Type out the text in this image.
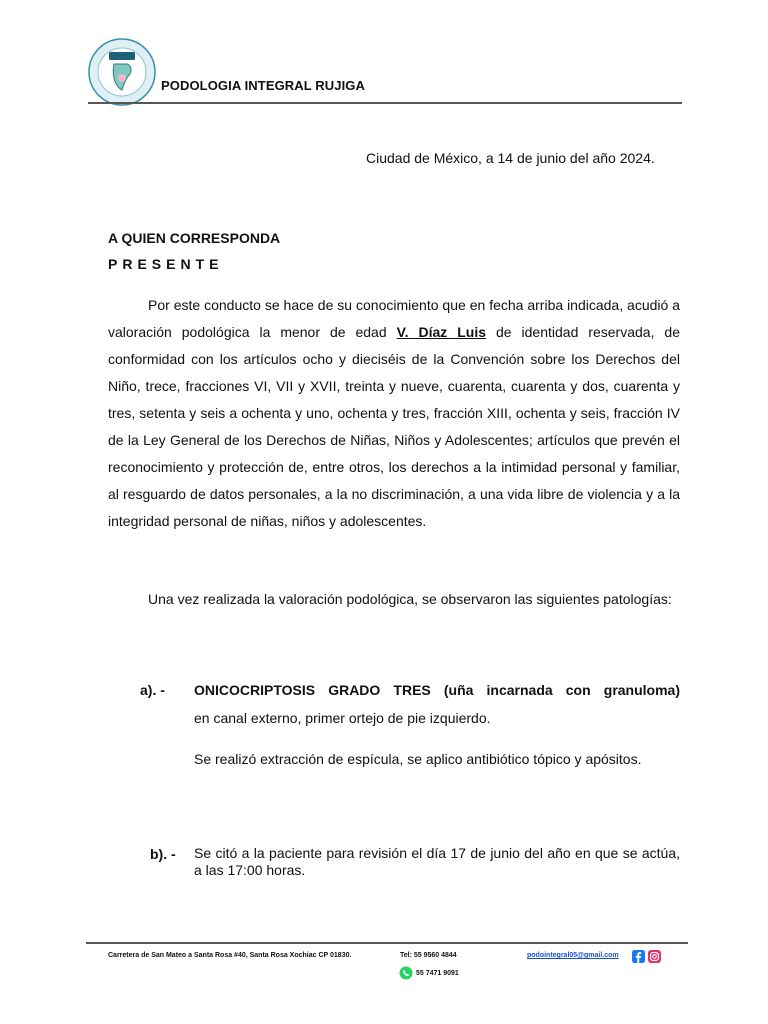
PODOLOGIA INTEGRAL RUJIGA
Ciudad de México, a 14 de junio del año 2024.
A QUIEN CORRESPONDA
PRESENTE

Por este conducto se hace de su conocimiento que en fecha arriba indicada, acudió a valoración podológica la menor de edad V. Díaz Luis de identidad reservada, de conformidad con los artículos ocho y dieciséis de la Convención sobre los Derechos del Niño, trece, fracciones VI, VII y XVII, treinta y nueve, cuarenta, cuarenta y dos, cuarenta y tres, setenta y seis a ochenta y uno, ochenta y tres, fracción XIII, ochenta y seis, fracción IV de la Ley General de los Derechos de Niñas, Niños y Adolescentes; artículos que prevén el reconocimiento y protección de, entre otros, los derechos a la intimidad personal y familiar, al resguardo de datos personales, a la no discriminación, a una vida libre de violencia y a la integridad personal de niñas, niños y adolescentes.

Una vez realizada la valoración podológica, se observaron las siguientes patologías:

a). - ONICOCRIPTOSIS GRADO TRES (uña incarnada con granuloma)

en canal externo, primer ortejo de pie izquierdo.

Se realizó extracción de espícula, se aplico antibiótico tópico y apósitos.

b). - Se citó a la paciente para revisión el día 17 de junio del año en que se actúa, a las 17:00 horas.

Carretera de San Mateo a Santa Rosa #40, Santa Rosa Xochiac CP 01830.	Tel: 55 9560 4844	podointegral05@gmail.com
55 7471 9091
